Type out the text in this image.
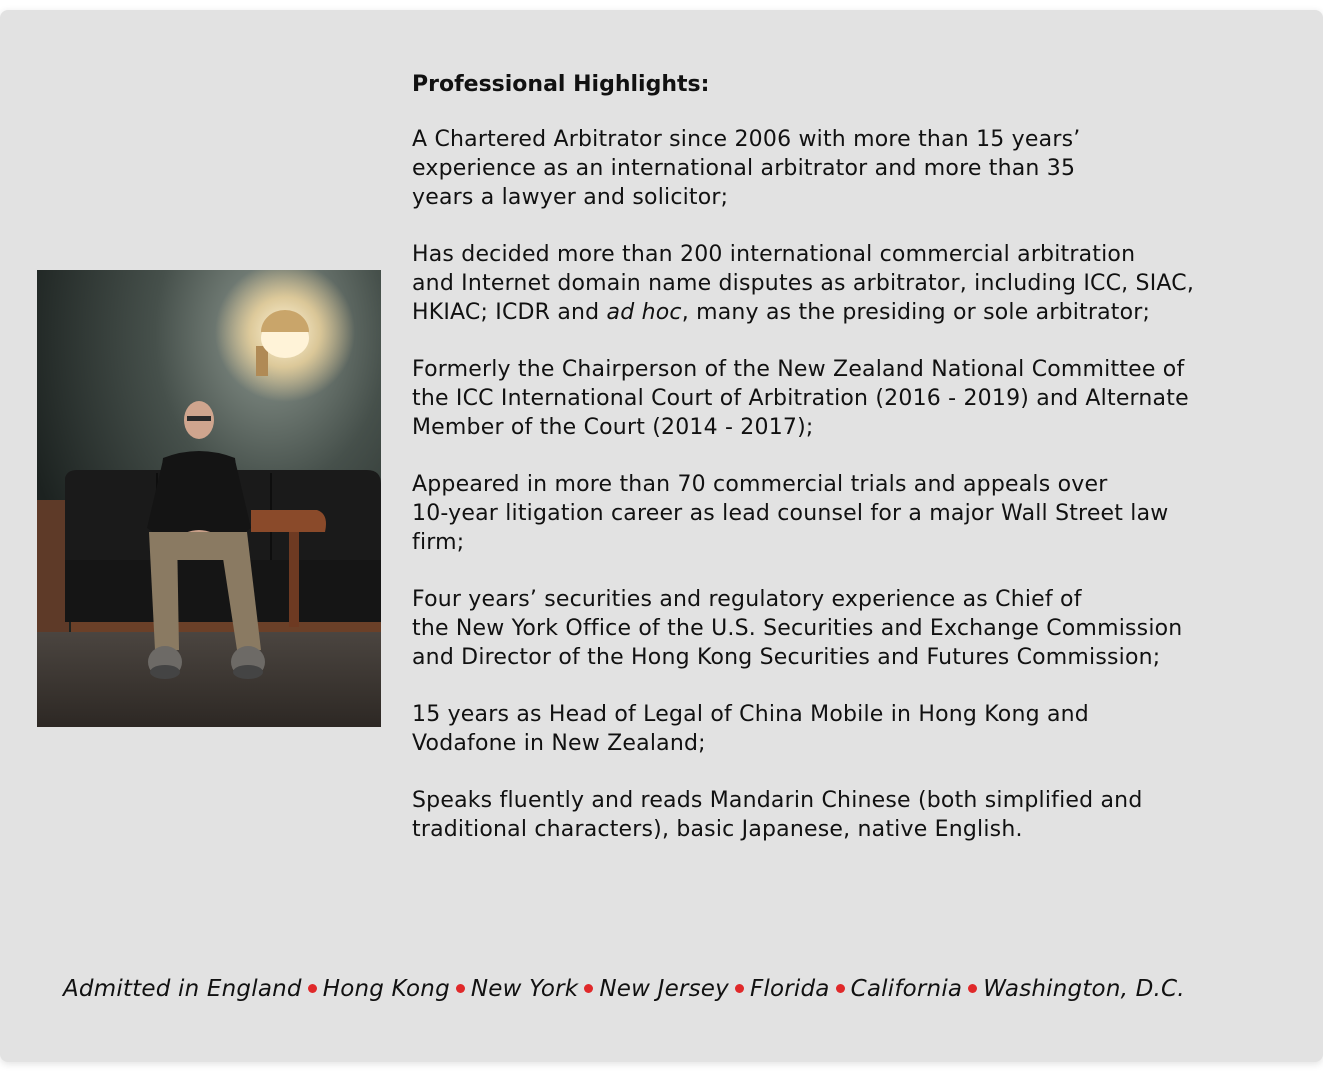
Professional Highlights:
A Chartered Arbitrator since 2006 with more than 15 years’
experience as an international arbitrator and more than 35
years a lawyer and solicitor;
Has decided more than 200 international commercial arbitration
and Internet domain name disputes as arbitrator, including ICC, SIAC,
HKIAC; ICDR and ad hoc, many as the presiding or sole arbitrator;
Formerly the Chairperson of the New Zealand National Committee of
the ICC International Court of Arbitration (2016 - 2019) and Alternate
Member of the Court (2014 - 2017);
Appeared in more than 70 commercial trials and appeals over
10-year litigation career as lead counsel for a major Wall Street law
firm;
Four years’ securities and regulatory experience as Chief of
the New York Office of the U.S. Securities and Exchange Commission
and Director of the Hong Kong Securities and Futures Commission;
15 years as Head of Legal of China Mobile in Hong Kong and
Vodafone in New Zealand;
Speaks fluently and reads Mandarin Chinese (both simplified and
traditional characters), basic Japanese, native English.
Admitted in England Hong Kong New York New Jersey Florida California Washington, D.C.
